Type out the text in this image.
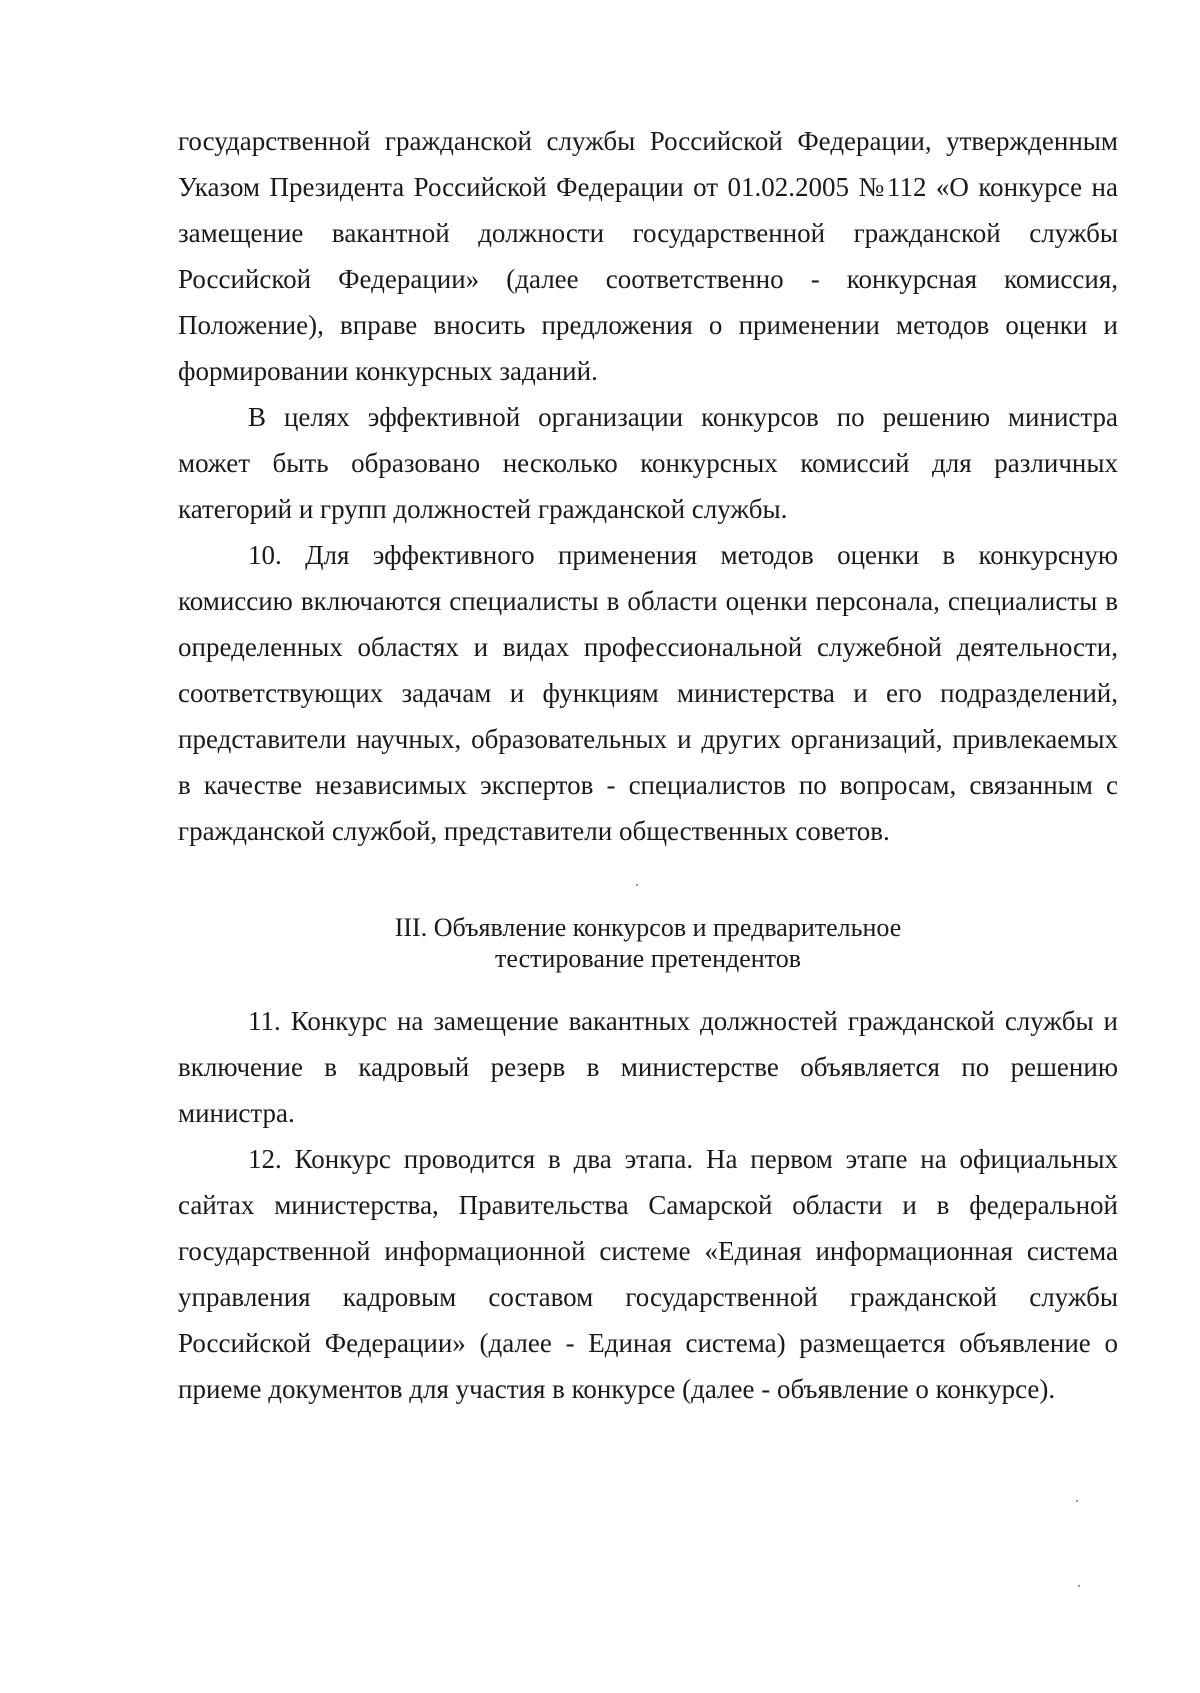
государственной гражданской службы Российской Федерации, утвержденным Указом Президента Российской Федерации от 01.02.2005 №112 «О конкурсе на замещение вакантной должности государственной гражданской службы Российской Федерации» (далее соответственно - конкурсная комиссия, Положение), вправе вносить предложения о применении методов оценки и формировании конкурсных заданий.

В целях эффективной организации конкурсов по решению министра может быть образовано несколько конкурсных комиссий для различных категорий и групп должностей гражданской службы.

10. Для эффективного применения методов оценки в конкурсную комиссию включаются специалисты в области оценки персонала, специалисты в определенных областях и видах профессиональной служебной деятельности, соответствующих задачам и функциям министерства и его подразделений, представители научных, образовательных и других организаций, привлекаемых в качестве независимых экспертов - специалистов по вопросам, связанным с гражданской службой, представители общественных советов.

III. Объявление конкурсов и предварительное
тестирование претендентов

11. Конкурс на замещение вакантных должностей гражданской службы и включение в кадровый резерв в министерстве объявляется по решению министра.

12. Конкурс проводится в два этапа. На первом этапе на официальных сайтах министерства, Правительства Самарской области и в федеральной государственной информационной системе «Единая информационная система управления кадровым составом государственной гражданской службы Российской Федерации» (далее - Единая система) размещается объявление о приеме документов для участия в конкурсе (далее - объявление о конкурсе).
